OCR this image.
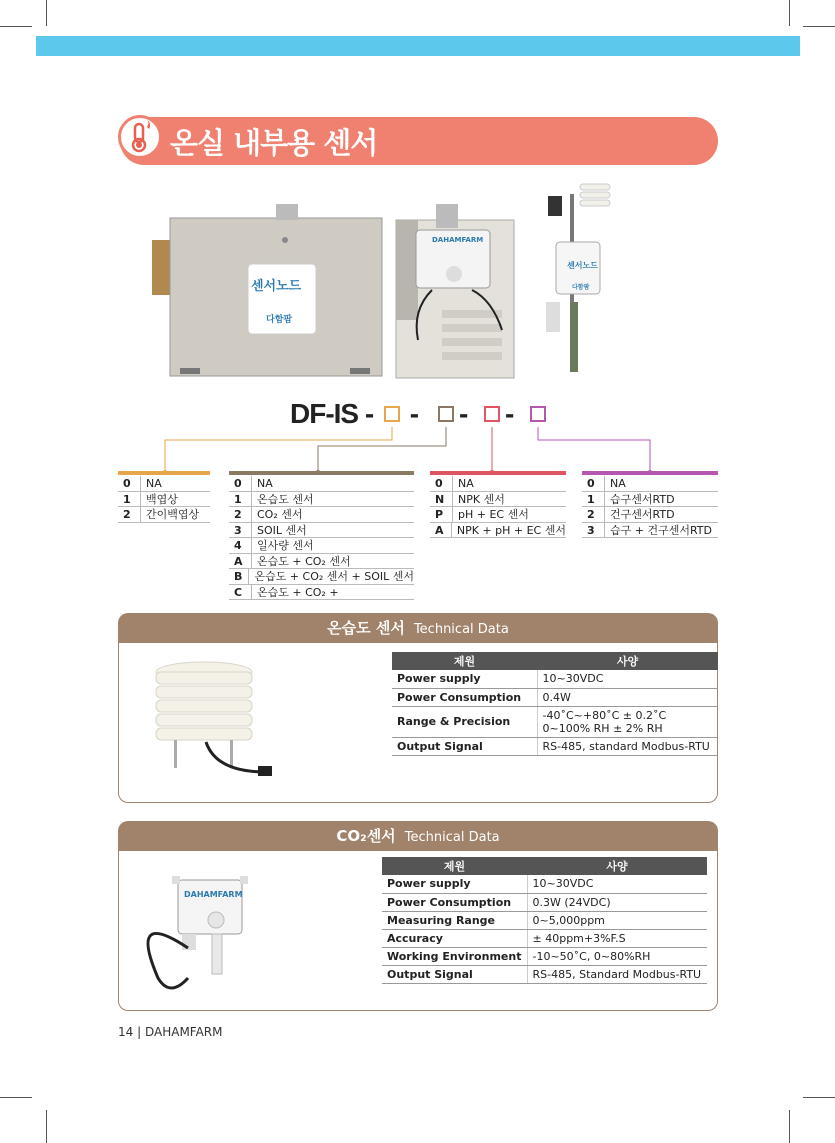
온실 내부용 센서
센서노드
다함팜
DAHAMFARM
센서노드
다함팜
DF-IS - - - -
0	NA
1	백엽상
2	간이백엽상
0	NA
1	온습도 센서
2	CO₂ 센서
3	SOIL 센서
4	일사량 센서
A	온습도 + CO₂ 센서
B	온습도 + CO₂ 센서 + SOIL 센서
C	온습도 + CO₂ +
0	NA
N	NPK 센서
P	pH + EC 센서
A	NPK + pH + EC 센서
0	NA
1	습구센서RTD
2	건구센서RTD
3	습구 + 건구센서RTD
온습도 센서 Technical Data
제원	사양
Power supply	10~30VDC
Power Consumption	0.4W
Range & Precision	-40˚C~+80˚C ± 0.2˚C
0~100% RH ± 2% RH
Output Signal	RS-485, standard Modbus-RTU
CO₂센서 Technical Data
DAHAMFARM
제원	사양
Power supply	10~30VDC
Power Consumption	0.3W (24VDC)
Measuring Range	0~5,000ppm
Accuracy	± 40ppm+3%F.S
Working Environment	-10~50˚C, 0~80%RH
Output Signal	RS-485, Standard Modbus-RTU
14 | DAHAMFARM
